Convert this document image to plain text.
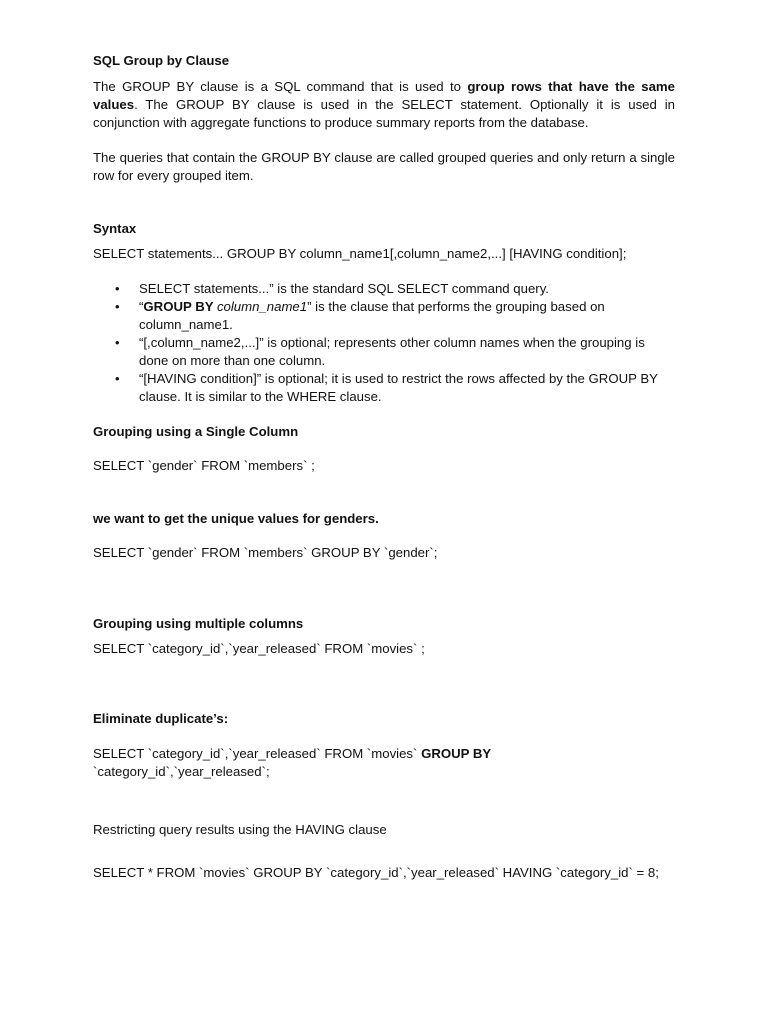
SQL Group by Clause

The GROUP BY clause is a SQL command that is used to group rows that have the same values. The GROUP BY clause is used in the SELECT statement. Optionally it is used in conjunction with aggregate functions to produce summary reports from the database.

The queries that contain the GROUP BY clause are called grouped queries and only return a single row for every grouped item.

Syntax
SELECT statements... GROUP BY column_name1[,column_name2,...] [HAVING condition];
• SELECT statements...” is the standard SQL SELECT command query.
• “GROUP BY column_name1” is the clause that performs the grouping based on column_name1.
• “[,column_name2,...]” is optional; represents other column names when the grouping is done on more than one column.
• “[HAVING condition]” is optional; it is used to restrict the rows affected by the GROUP BY clause. It is similar to the WHERE clause.
Grouping using a Single Column
SELECT `gender` FROM `members` ;
we want to get the unique values for genders.
SELECT `gender` FROM `members` GROUP BY `gender`;
Grouping using multiple columns
SELECT `category_id`,`year_released` FROM `movies` ;
Eliminate duplicate’s:
SELECT `category_id`,`year_released` FROM `movies` GROUP BY
`category_id`,`year_released`;
Restricting query results using the HAVING clause
SELECT * FROM `movies` GROUP BY `category_id`,`year_released` HAVING `category_id` = 8;
